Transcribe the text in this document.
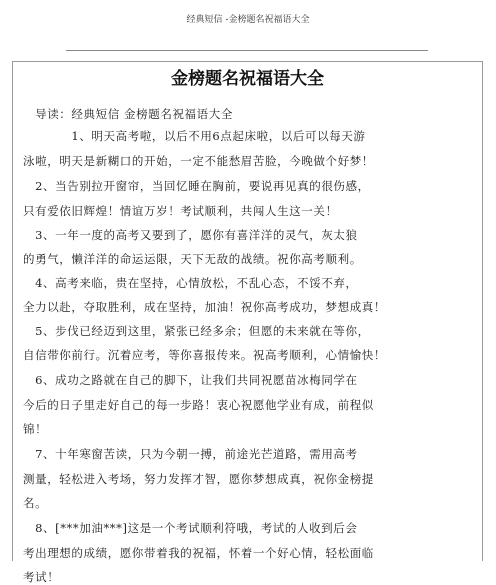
经典短信 -金榜题名祝福语大全
金榜题名祝福语大全
　导读：经典短信 金榜题名祝福语大全
　　　　1、明天高考啦，以后不用6点起床啦，以后可以每天游
泳啦，明天是新糊口的开始，一定不能愁眉苦脸，今晚做个好梦！
　2、当告别拉开窗帘，当回忆睡在胸前，要说再见真的很伤感，
只有爱依旧辉煌！情谊万岁！考试顺利，共闯人生这一关！
　3、一年一度的高考又要到了，愿你有喜洋洋的灵气，灰太狼
的勇气，懒洋洋的命运运限，天下无敌的战绩。祝你高考顺利。
　4、高考来临，贵在坚持，心情放松，不乱心态，不馁不弃，
全力以赴，夺取胜利，成在坚持，加油！祝你高考成功，梦想成真！
　5、步伐已经迈到这里，紧张已经多余；但愿的未来就在等你，
自信带你前行。沉着应考，等你喜报传来。祝高考顺利，心情愉快！
　6、成功之路就在自己的脚下，让我们共同祝愿苗冰梅同学在
今后的日子里走好自己的每一步路！衷心祝愿他学业有成，前程似
锦！
　7、十年寒窗苦读，只为今朝一搏，前途光芒道路，需用高考
测量，轻松进入考场，努力发挥才智，愿你梦想成真，祝你金榜提
名。
　8、[***加油***]这是一个考试顺利符哦，考试的人收到后会
考出理想的成绩，愿你带着我的祝福，怀着一个好心情，轻松面临
考试！
